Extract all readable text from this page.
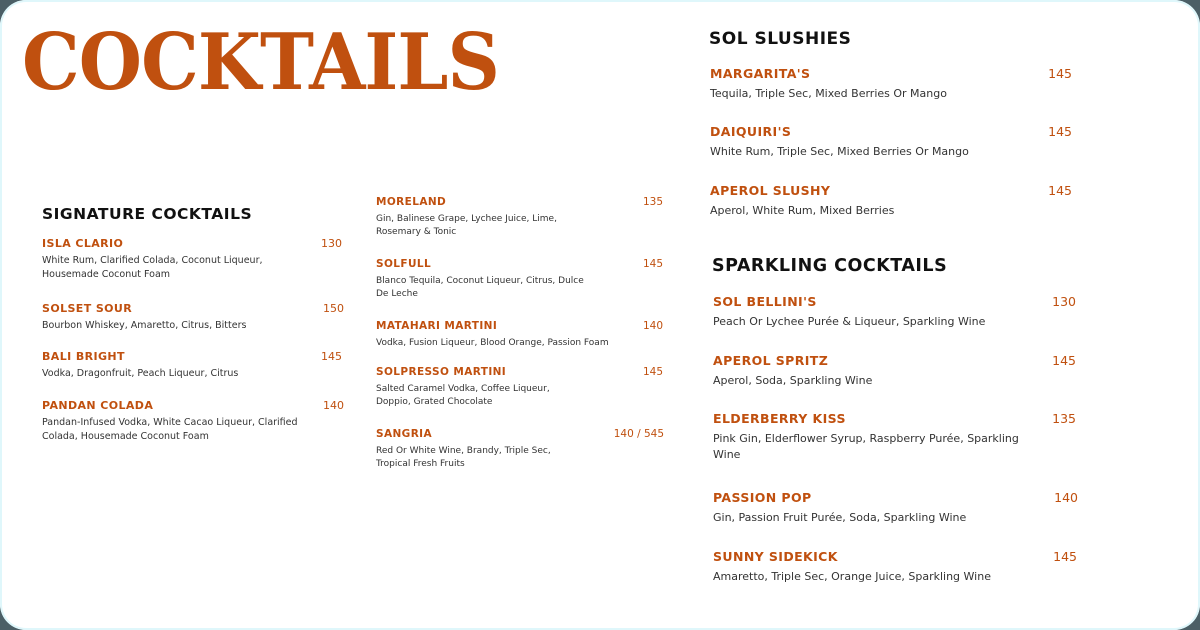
COCKTAILS
SIGNATURE COCKTAILS
ISLA CLARIO	130
White Rum, Clarified Colada, Coconut Liqueur, Housemade Coconut Foam
SOLSET SOUR	150
Bourbon Whiskey, Amaretto, Citrus, Bitters
BALI BRIGHT	145
Vodka, Dragonfruit, Peach Liqueur, Citrus
PANDAN COLADA	140
Pandan-Infused Vodka, White Cacao Liqueur, Clarified Colada, Housemade Coconut Foam
MORELAND	135
Gin, Balinese Grape, Lychee Juice, Lime, Rosemary & Tonic
SOLFULL	145
Blanco Tequila, Coconut Liqueur, Citrus, Dulce De Leche
MATAHARI MARTINI	140
Vodka, Fusion Liqueur, Blood Orange, Passion Foam
SOLPRESSO MARTINI	145
Salted Caramel Vodka, Coffee Liqueur, Doppio, Grated Chocolate
SANGRIA	140 / 545
Red Or White Wine, Brandy, Triple Sec, Tropical Fresh Fruits
SOL SLUSHIES
MARGARITA'S	145
Tequila, Triple Sec, Mixed Berries Or Mango
DAIQUIRI'S	145
White Rum, Triple Sec, Mixed Berries Or Mango
APEROL SLUSHY	145
Aperol, White Rum, Mixed Berries
SPARKLING COCKTAILS
SOL BELLINI'S	130
Peach Or Lychee Purée & Liqueur, Sparkling Wine
APEROL SPRITZ	145
Aperol, Soda, Sparkling Wine
ELDERBERRY KISS	135
Pink Gin, Elderflower Syrup, Raspberry Purée, Sparkling Wine
PASSION POP	140
Gin, Passion Fruit Purée, Soda, Sparkling Wine
SUNNY SIDEKICK	145
Amaretto, Triple Sec, Orange Juice, Sparkling Wine
